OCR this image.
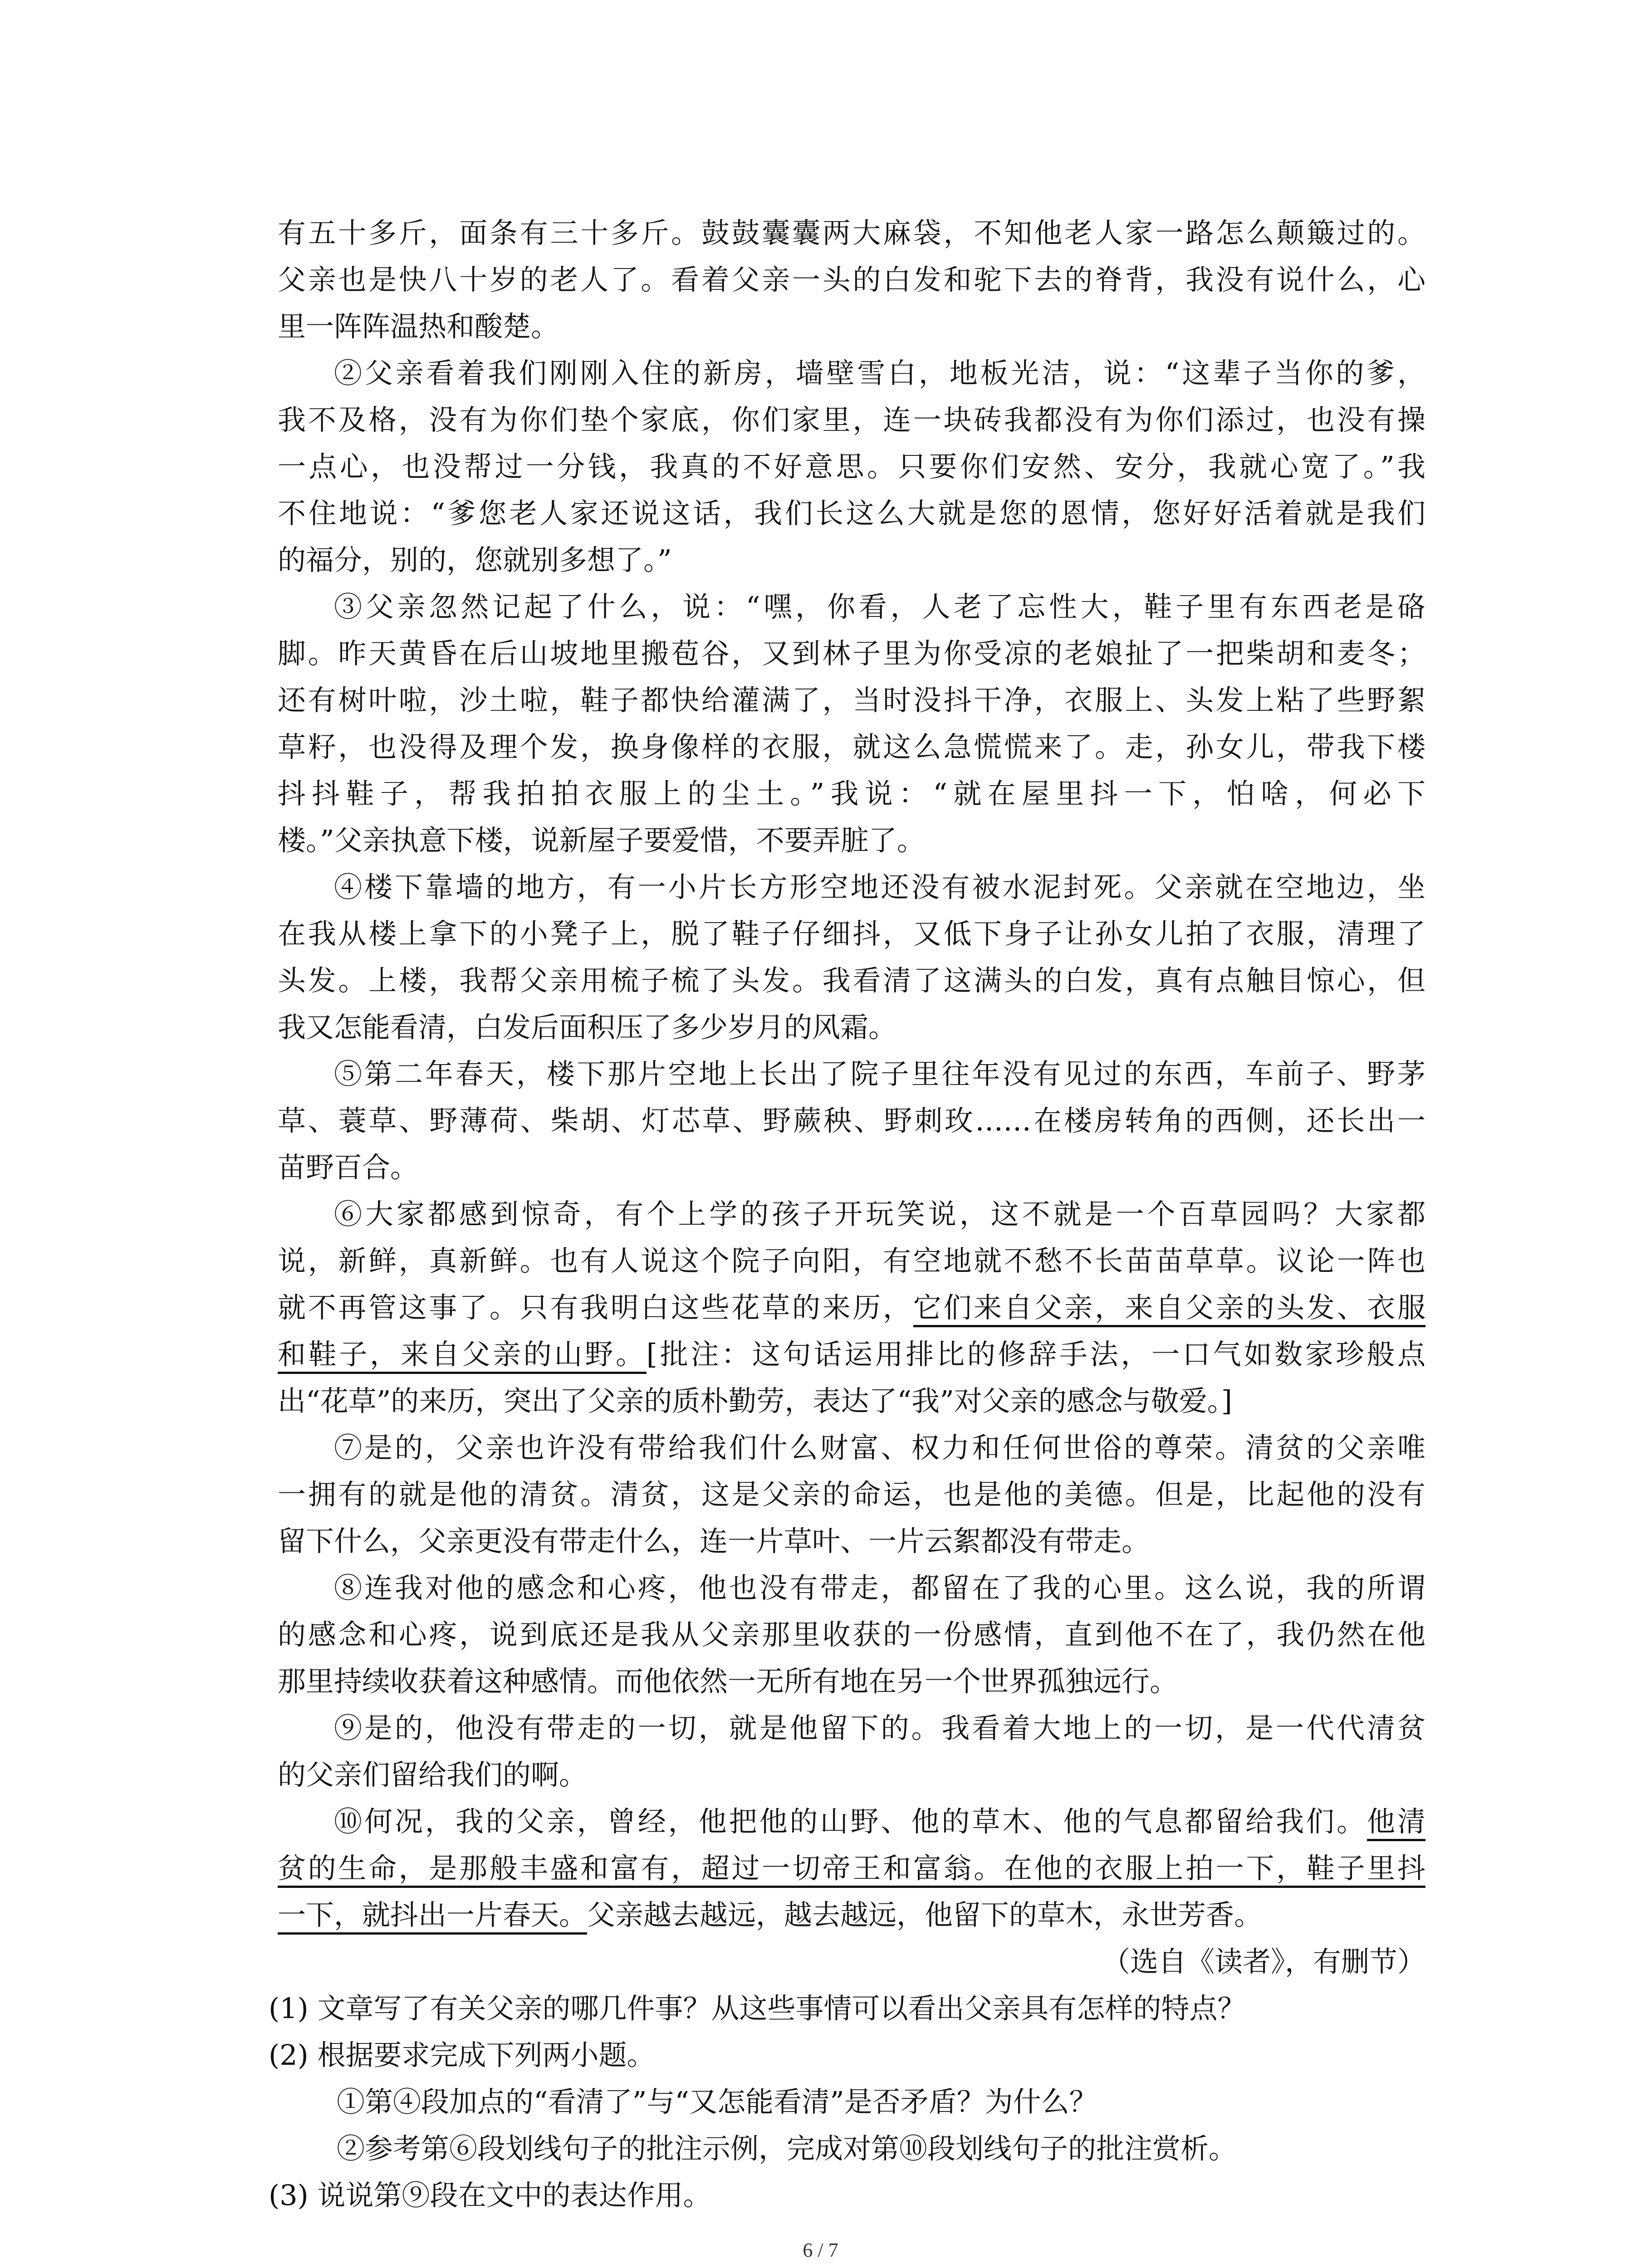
有五十多斤，面条有三十多斤。鼓鼓囊囊两大麻袋，不知他老人家一路怎么颠簸过的。
父亲也是快八十岁的老人了。看着父亲一头的白发和驼下去的脊背，我没有说什么，心
里一阵阵温热和酸楚。
②父亲看着我们刚刚入住的新房，墙壁雪白，地板光洁，说：“这辈子当你的爹，
我不及格，没有为你们垫个家底，你们家里，连一块砖我都没有为你们添过，也没有操
一点心，也没帮过一分钱，我真的不好意思。只要你们安然、安分，我就心宽了。”我
不住地说：“爹您老人家还说这话，我们长这么大就是您的恩情，您好好活着就是我们
的福分，别的，您就别多想了。”
③父亲忽然记起了什么，说：“嘿，你看，人老了忘性大，鞋子里有东西老是硌
脚。昨天黄昏在后山坡地里搬苞谷，又到林子里为你受凉的老娘扯了一把柴胡和麦冬；
还有树叶啦，沙土啦，鞋子都快给灌满了，当时没抖干净，衣服上、头发上粘了些野絮
草籽，也没得及理个发，换身像样的衣服，就这么急慌慌来了。走，孙女儿，带我下楼
抖抖鞋子，帮我拍拍衣服上的尘土。”我说：“就在屋里抖一下，怕啥，何必下
楼。”父亲执意下楼，说新屋子要爱惜，不要弄脏了。
④楼下靠墙的地方，有一小片长方形空地还没有被水泥封死。父亲就在空地边，坐
在我从楼上拿下的小凳子上，脱了鞋子仔细抖，又低下身子让孙女儿拍了衣服，清理了
头发。上楼，我帮父亲用梳子梳了头发。我看清了这满头的白发，真有点触目惊心，但
我又怎能看清，白发后面积压了多少岁月的风霜。
⑤第二年春天，楼下那片空地上长出了院子里往年没有见过的东西，车前子、野茅
草、蓑草、野薄荷、柴胡、灯芯草、野蕨秧、野刺玫……在楼房转角的西侧，还长出一
苗野百合。
⑥大家都感到惊奇，有个上学的孩子开玩笑说，这不就是一个百草园吗？大家都
说，新鲜，真新鲜。也有人说这个院子向阳，有空地就不愁不长苗苗草草。议论一阵也
就不再管这事了。只有我明白这些花草的来历，它们来自父亲，来自父亲的头发、衣服
和鞋子，来自父亲的山野。[批注：这句话运用排比的修辞手法，一口气如数家珍般点
出“花草”的来历，突出了父亲的质朴勤劳，表达了“我”对父亲的感念与敬爱。]
⑦是的，父亲也许没有带给我们什么财富、权力和任何世俗的尊荣。清贫的父亲唯
一拥有的就是他的清贫。清贫，这是父亲的命运，也是他的美德。但是，比起他的没有
留下什么，父亲更没有带走什么，连一片草叶、一片云絮都没有带走。
⑧连我对他的感念和心疼，他也没有带走，都留在了我的心里。这么说，我的所谓
的感念和心疼，说到底还是我从父亲那里收获的一份感情，直到他不在了，我仍然在他
那里持续收获着这种感情。而他依然一无所有地在另一个世界孤独远行。
⑨是的，他没有带走的一切，就是他留下的。我看着大地上的一切，是一代代清贫
的父亲们留给我们的啊。
⑩何况，我的父亲，曾经，他把他的山野、他的草木、他的气息都留给我们。他清
贫的生命，是那般丰盛和富有，超过一切帝王和富翁。在他的衣服上拍一下，鞋子里抖
一下，就抖出一片春天。父亲越去越远，越去越远，他留下的草木，永世芳香。
（选自《读者》，有删节）
(1) 文章写了有关父亲的哪几件事？从这些事情可以看出父亲具有怎样的特点？
(2) 根据要求完成下列两小题。
①第④段加点的“看清了”与“又怎能看清”是否矛盾？为什么？
②参考第⑥段划线句子的批注示例，完成对第⑩段划线句子的批注赏析。
(3) 说说第⑨段在文中的表达作用。
6 / 7
